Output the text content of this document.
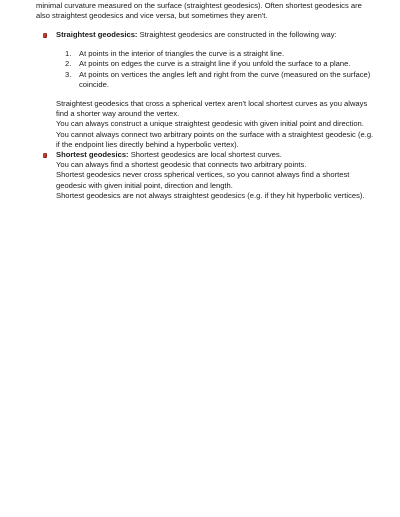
minimal curvature measured on the surface (straightest geodesics). Often shortest geodesics are also straightest geodesics and vice versa, but sometimes they aren't.

Straightest geodesics: Straightest geodesics are constructed in the following way:

1. At points in the interior of triangles the curve is a straight line.
2. At points on edges the curve is a straight line if you unfold the surface to a plane.
3. At points on vertices the angles left and right from the curve (measured on the surface) coincide.

Straightest geodesics that cross a spherical vertex aren't local shortest curves as you always find a shorter way around the vertex.

You can always construct a unique straightest geodesic with given initial point and direction.

You cannot always connect two arbitrary points on the surface with a straightest geodesic (e.g. if the endpoint lies directly behind a hyperbolic vertex).

Shortest geodesics: Shortest geodesics are local shortest curves.

You can always find a shortest geodesic that connects two arbitrary points.

Shortest geodesics never cross spherical vertices, so you cannot always find a shortest geodesic with given initial point, direction and length.

Shortest geodesics are not always straightest geodesics (e.g. if they hit hyperbolic vertices).
